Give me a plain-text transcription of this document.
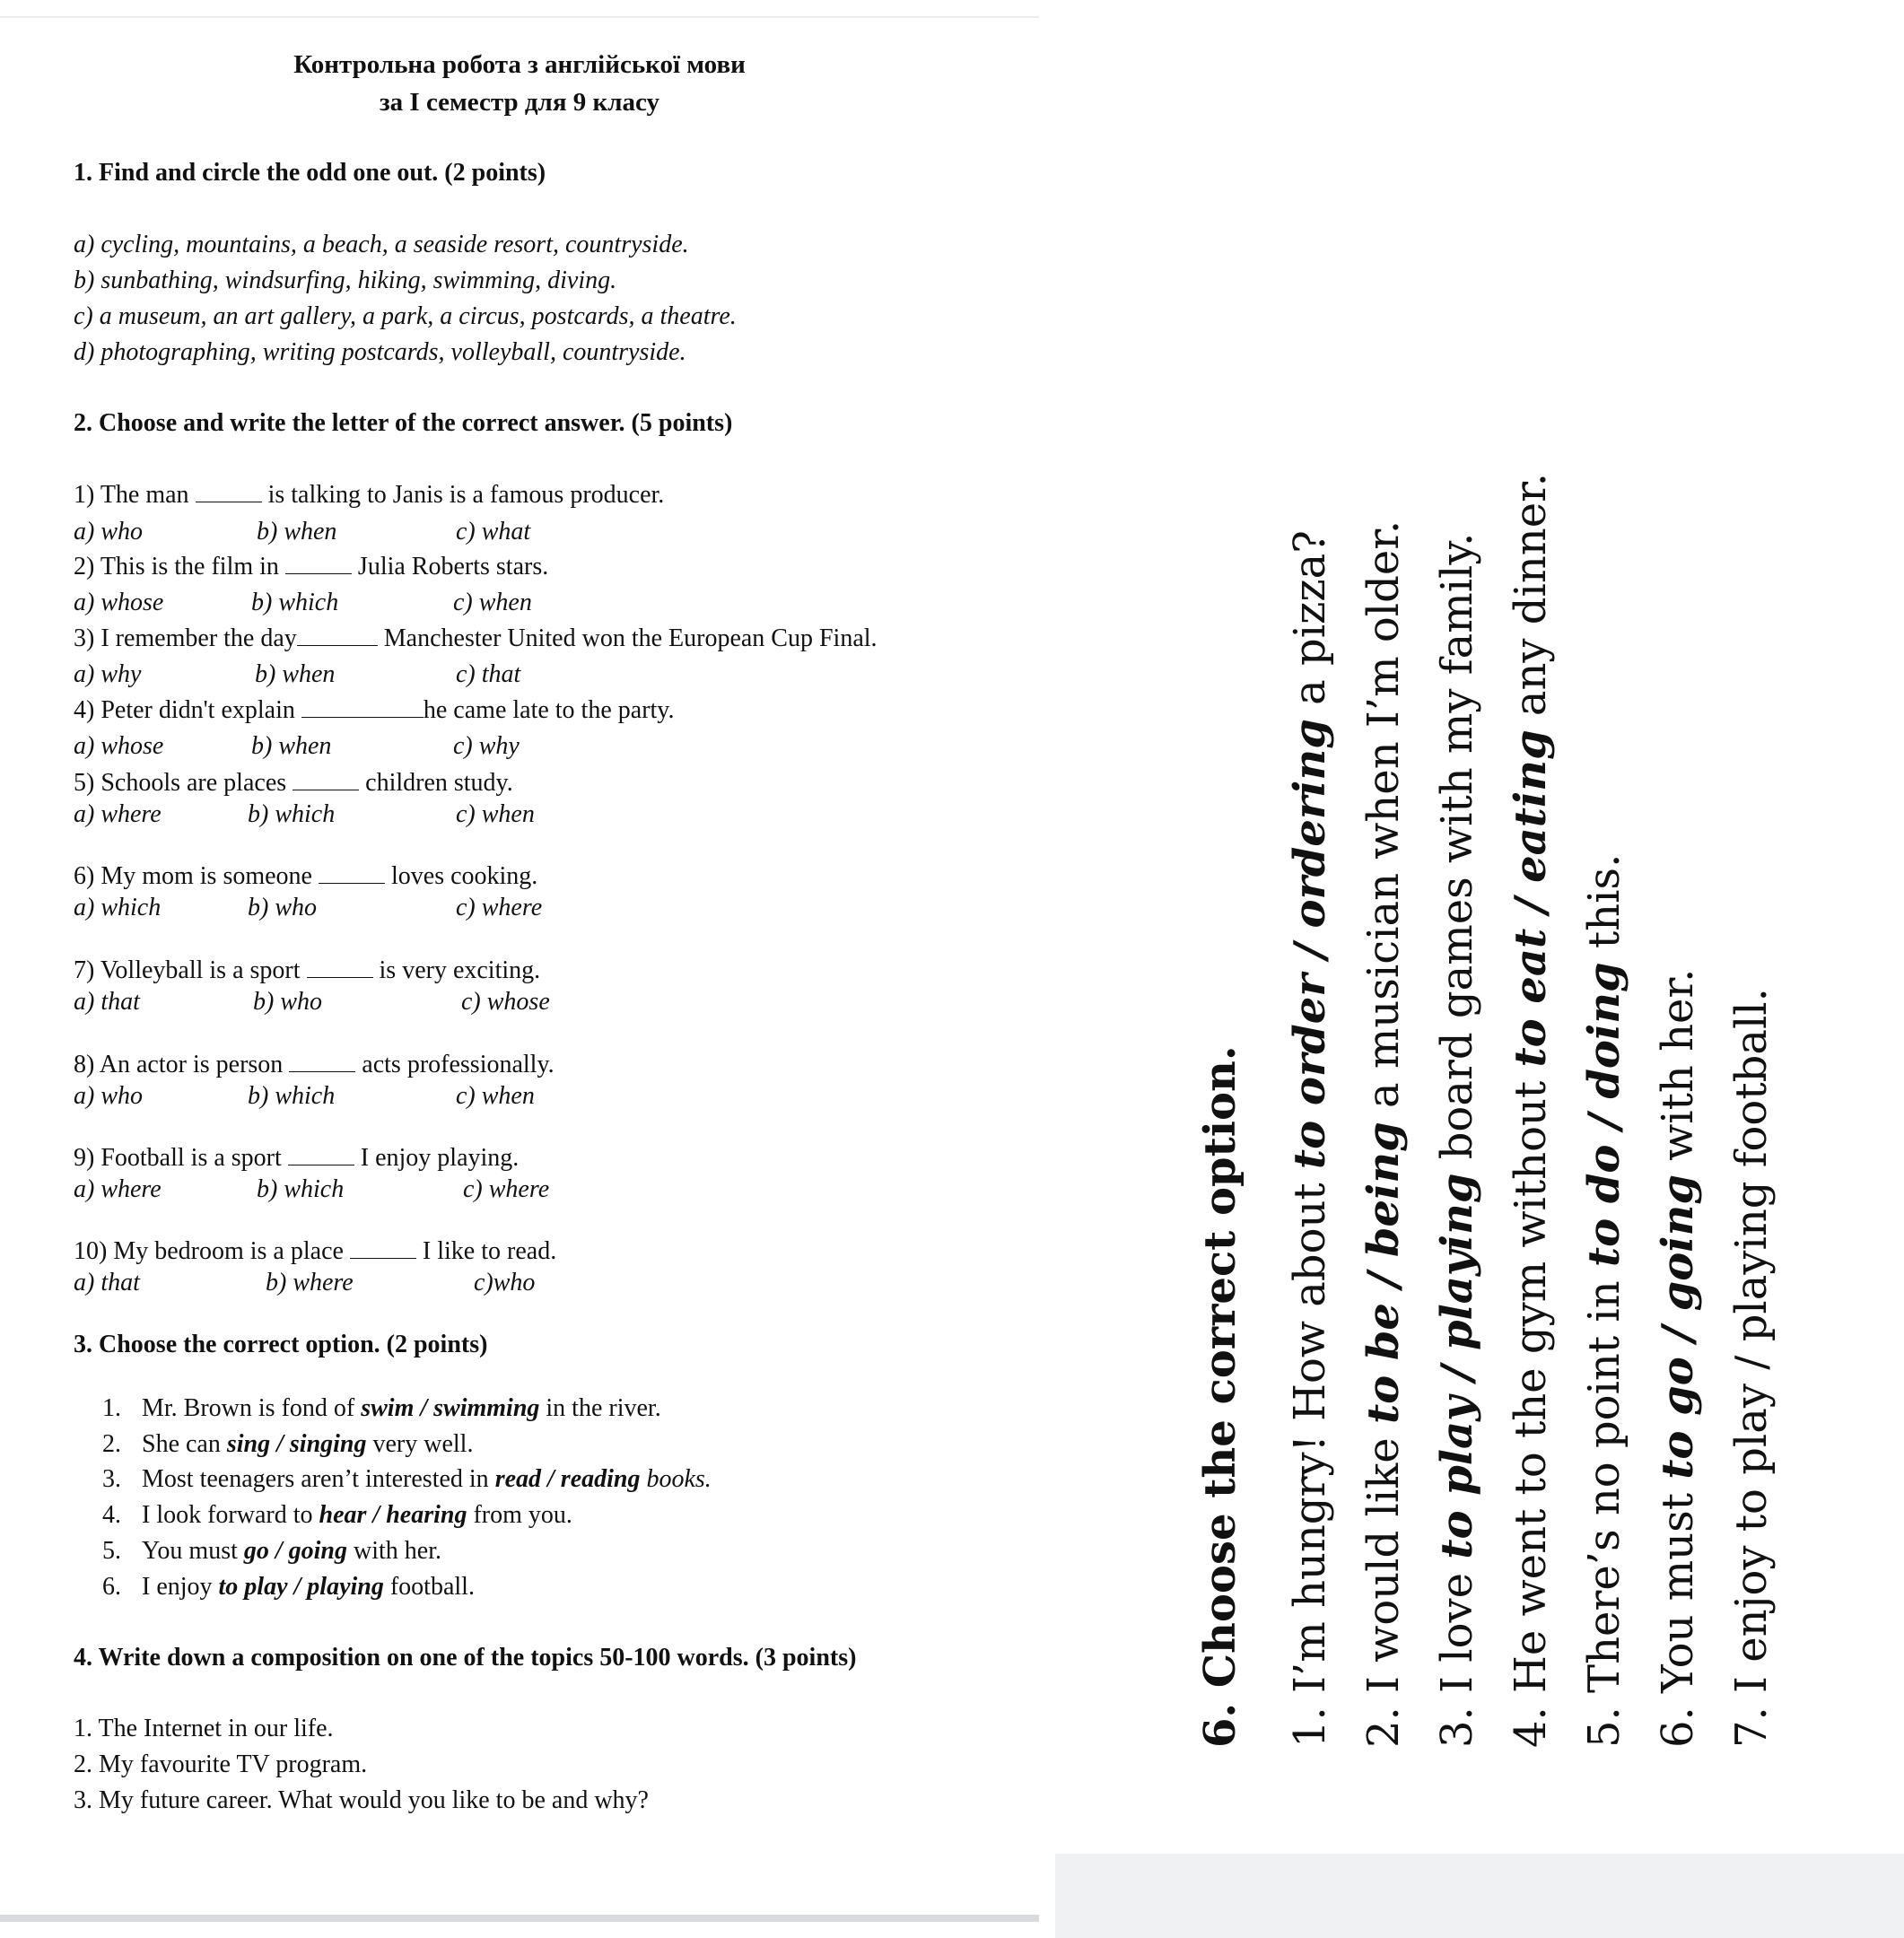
Контрольна робота з англійської мови
за І семестр для 9 класу
1. Find and circle the odd one out. (2 points)
a) cycling, mountains, a beach, a seaside resort, countryside.
b) sunbathing, windsurfing, hiking, swimming, diving.
c) a museum, an art gallery, a park, a circus, postcards, a theatre.
d) photographing, writing postcards, volleyball, countryside.
2. Choose and write the letter of the correct answer. (5 points)
1) The man	is talking to Janis is a famous producer.
a) who	b) when	c) what
2) This is the film in	Julia Roberts stars.
a) whose	b) which	c) when
3) I remember the day	Manchester United won the European Cup Final.
a) why	b) when	c) that
4) Peter didn't explain	he came late to the party.
a) whose	b) when	c) why
5) Schools are places	children study.
a) where	b) which	c) when
6) My mom is someone	loves cooking.
a) which	b) who	c) where
7) Volleyball is a sport	is very exciting.
a) that	b) who	c) whose
8) An actor is person	acts professionally.
a) who	b) which	c) when
9) Football is a sport	I enjoy playing.
a) where	b) which	c) where
10) My bedroom is a place	I like to read.
a) that	b) where	c)who
3. Choose the correct option. (2 points)
1. Mr. Brown is fond of swim / swimming in the river.
2. She can sing / singing very well.
3. Most teenagers aren’t interested in read / reading books.
4. I look forward to hear / hearing from you.
5. You must go / going with her.
6. I enjoy to play / playing football.
4. Write down a composition on one of the topics 50-100 words. (3 points)
1. The Internet in our life.
2. My favourite TV program.
3. My future career. What would you like to be and why?
6. Choose the correct option. 1. I’m hungry! How about to order / ordering a pizza?
2. I would like to be / being a musician when I’m older.
3. I love to play / playing board games with my family.
4. He went to the gym without to eat / eating any dinner.
5. There’s no point in to do / doing this.
6. You must to go / going with her. 7. I enjoy to play / playing football.
